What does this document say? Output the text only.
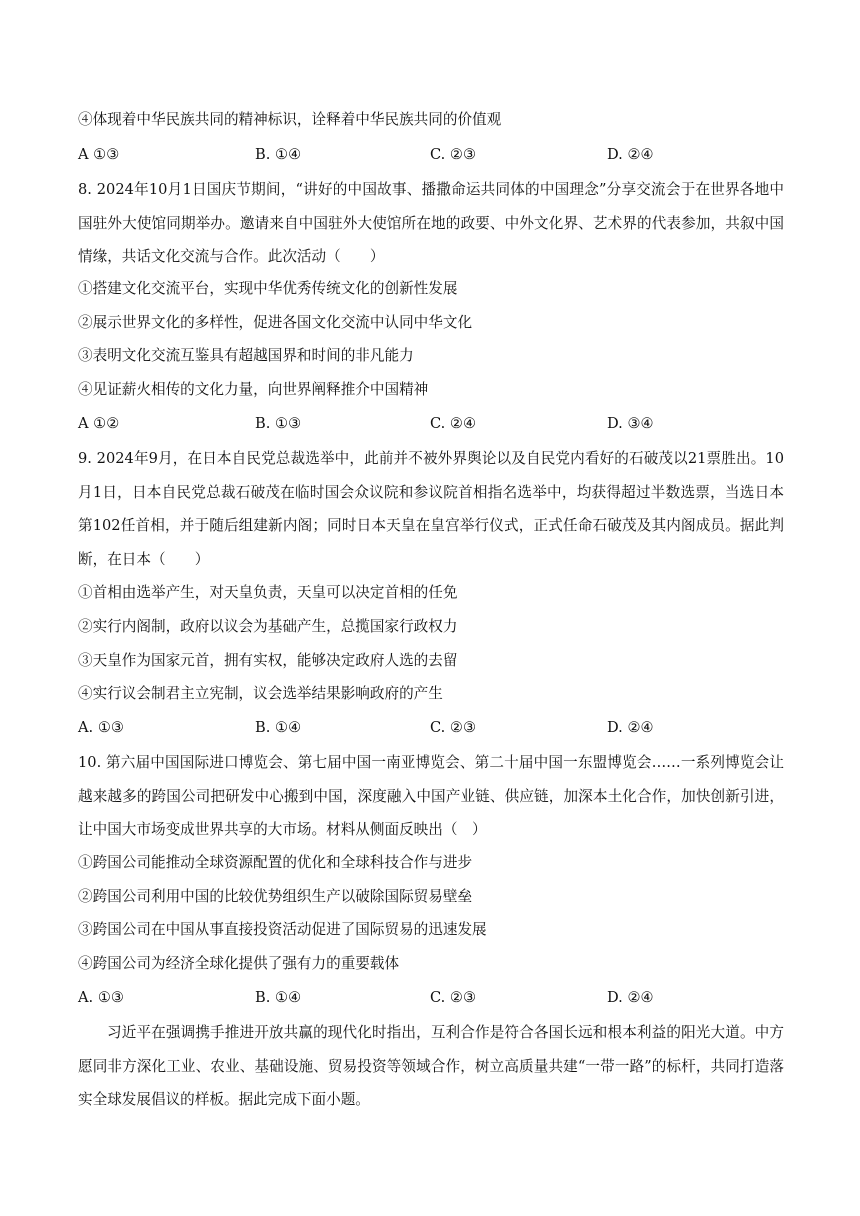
④体现着中华民族共同的精神标识，诠释着中华民族共同的价值观
A ①③	B. ①④	C. ②③	D. ②④
8. 2024年10月1日国庆节期间，“讲好的中国故事、播撒命运共同体的中国理念”分享交流会于在世界各地中国驻外大使馆同期举办。邀请来自中国驻外大使馆所在地的政要、中外文化界、艺术界的代表参加，共叙中国情缘，共话文化交流与合作。此次活动（　　）
①搭建文化交流平台，实现中华优秀传统文化的创新性发展
②展示世界文化的多样性，促进各国文化交流中认同中华文化
③表明文化交流互鉴具有超越国界和时间的非凡能力
④见证薪火相传的文化力量，向世界阐释推介中国精神
A ①②	B. ①③	C. ②④	D. ③④
9. 2024年9月，在日本自民党总裁选举中，此前并不被外界舆论以及自民党内看好的石破茂以21票胜出。10月1日，日本自民党总裁石破茂在临时国会众议院和参议院首相指名选举中，均获得超过半数选票，当选日本第102任首相，并于随后组建新内阁；同时日本天皇在皇宫举行仪式，正式任命石破茂及其内阁成员。据此判断，在日本（　　）
①首相由选举产生，对天皇负责，天皇可以决定首相的任免
②实行内阁制，政府以议会为基础产生，总揽国家行政权力
③天皇作为国家元首，拥有实权，能够决定政府人选的去留
④实行议会制君主立宪制，议会选举结果影响政府的产生
A. ①③	B. ①④	C. ②③	D. ②④
10. 第六届中国国际进口博览会、第七届中国一南亚博览会、第二十届中国一东盟博览会……一系列博览会让越来越多的跨国公司把研发中心搬到中国，深度融入中国产业链、供应链，加深本土化合作，加快创新引进，让中国大市场变成世界共享的大市场。材料从侧面反映出（　）
①跨国公司能推动全球资源配置的优化和全球科技合作与进步
②跨国公司利用中国的比较优势组织生产以破除国际贸易壁垒
③跨国公司在中国从事直接投资活动促进了国际贸易的迅速发展
④跨国公司为经济全球化提供了强有力的重要载体
A. ①③	B. ①④	C. ②③	D. ②④
习近平在强调携手推进开放共赢的现代化时指出，互利合作是符合各国长远和根本利益的阳光大道。中方愿同非方深化工业、农业、基础设施、贸易投资等领域合作，树立高质量共建“一带一路”的标杆，共同打造落实全球发展倡议的样板。据此完成下面小题。
